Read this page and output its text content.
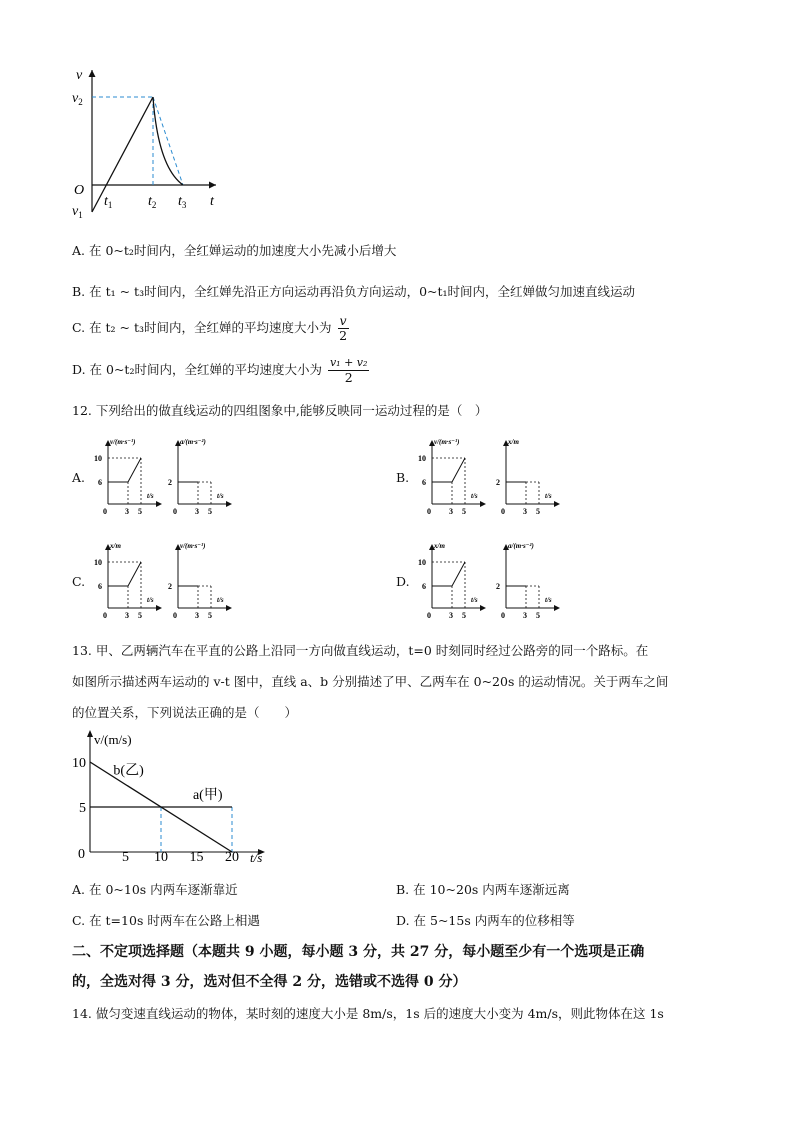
v
$v_2$
O
$v_1$
$t_1$	$t_2$ $t_3$ t
A. 在 0~t₂时间内，全红婵运动的加速度大小先减小后增大
B. 在 t₁ ~ t₃时间内，全红婵先沿正方向运动再沿负方向运动，0~t₁时间内，全红婵做匀加速直线运动
C. 在 t₂ ~ t₃时间内，全红婵的平均速度大小为 $\frac{v}{2}$
D. 在 0~t₂时间内，全红婵的平均速度大小为 $\frac{\text{v₁ + v₂}}{2}$
12. 下列给出的做直线运动的四组图象中,能够反映同一运动过程的是（　）
A.	B.
C.	D.
13. 甲、乙两辆汽车在平直的公路上沿同一方向做直线运动，t=0 时刻同时经过公路旁的同一个路标。在
如图所示描述两车运动的 v-t 图中，直线 a、b 分别描述了甲、乙两车在 0~20s 的运动情况。关于两车之间
的位置关系，下列说法正确的是（　　）
v/(m/s)
t/s
0
5
10
5 10 15 20
a(甲)
b(乙)
A. 在 0~10s 内两车逐渐靠近	B. 在 10~20s 内两车逐渐远离
C. 在 t=10s 时两车在公路上相遇	D. 在 5~15s 内两车的位移相等
二、不定项选择题（本题共 9 小题，每小题 3 分，共 27 分，每小题至少有一个选项是正确
的，全选对得 3 分，选对但不全得 2 分，选错或不选得 0 分）
14. 做匀变速直线运动的物体，某时刻的速度大小是 8m/s，1s 后的速度大小变为 4m/s，则此物体在这 1s
v/(m·s⁻¹)
t/s
0 3 5
10
6
a/(m·s⁻²)
t/s
0 3 5
2
v/(m·s⁻¹)
t/s
0 3 5
10
6
x/m
t/s
0 3 5
2
x/m
t/s
0 3 5
10
6
v/(m·s⁻¹)
t/s
0 3 5
2
x/m
t/s
0 3 5
10
6
a/(m·s⁻²)
t/s
0 3 5
2
